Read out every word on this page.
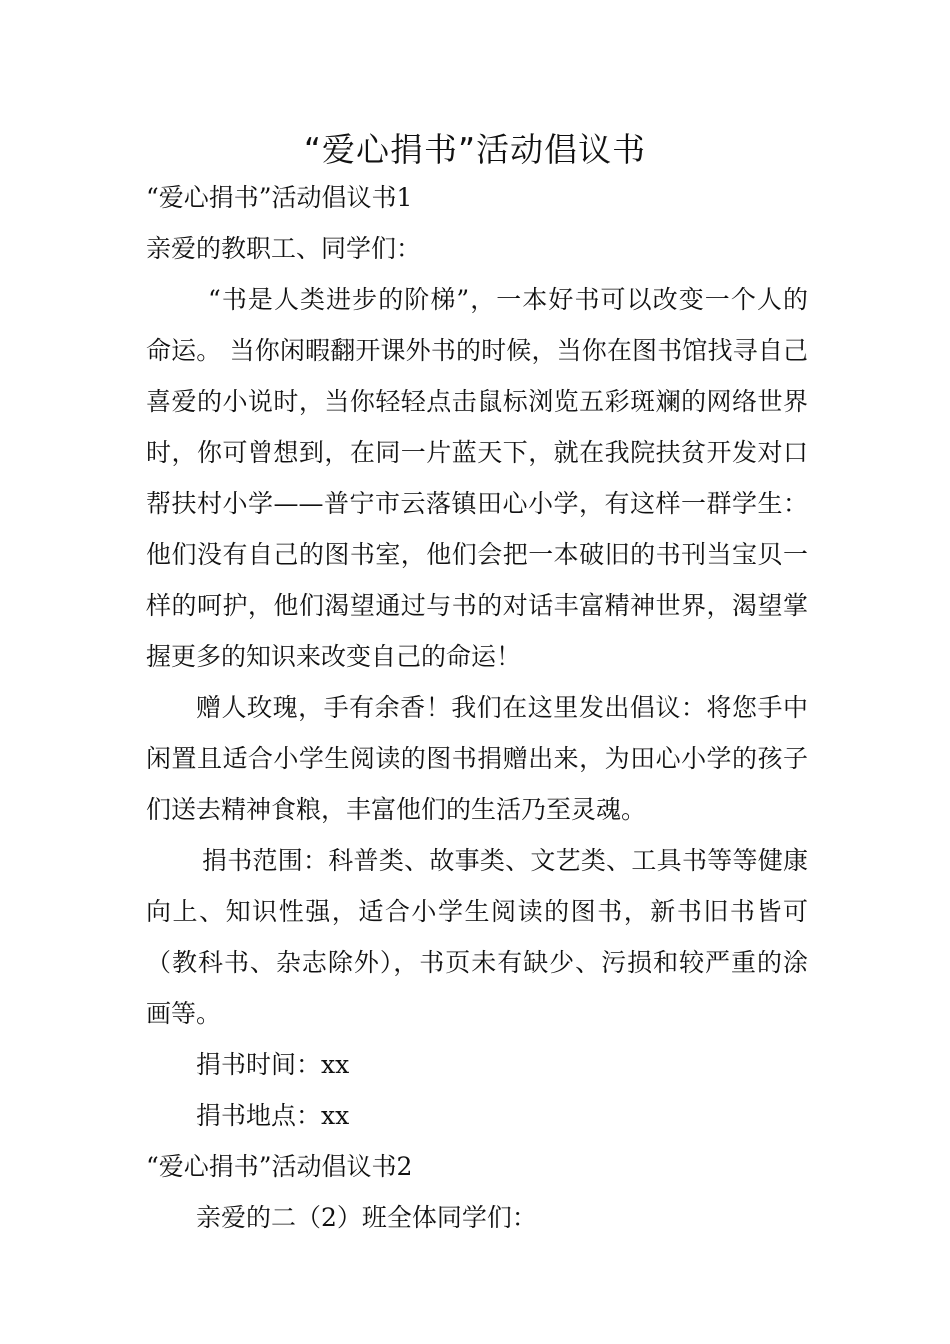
“爱心捐书”活动倡议书

“爱心捐书”活动倡议书1

亲爱的教职工、同学们：

“书是人类进步的阶梯”，一本好书可以改变一个人的命运。 当你闲暇翻开课外书的时候，当你在图书馆找寻自己喜爱的小说时，当你轻轻点击鼠标浏览五彩斑斓的网络世界时，你可曾想到，在同一片蓝天下，就在我院扶贫开发对口帮扶村小学——普宁市云落镇田心小学，有这样一群学生：他们没有自己的图书室，他们会把一本破旧的书刊当宝贝一样的呵护，他们渴望通过与书的对话丰富精神世界，渴望掌握更多的知识来改变自己的命运！

赠人玫瑰，手有余香！我们在这里发出倡议：将您手中闲置且适合小学生阅读的图书捐赠出来，为田心小学的孩子们送去精神食粮，丰富他们的生活乃至灵魂。

捐书范围：科普类、故事类、文艺类、工具书等等健康向上、知识性强，适合小学生阅读的图书，新书旧书皆可（教科书、杂志除外），书页未有缺少、污损和较严重的涂画等。

捐书时间：xx

捐书地点：xx

“爱心捐书”活动倡议书2

亲爱的二（2）班全体同学们：
